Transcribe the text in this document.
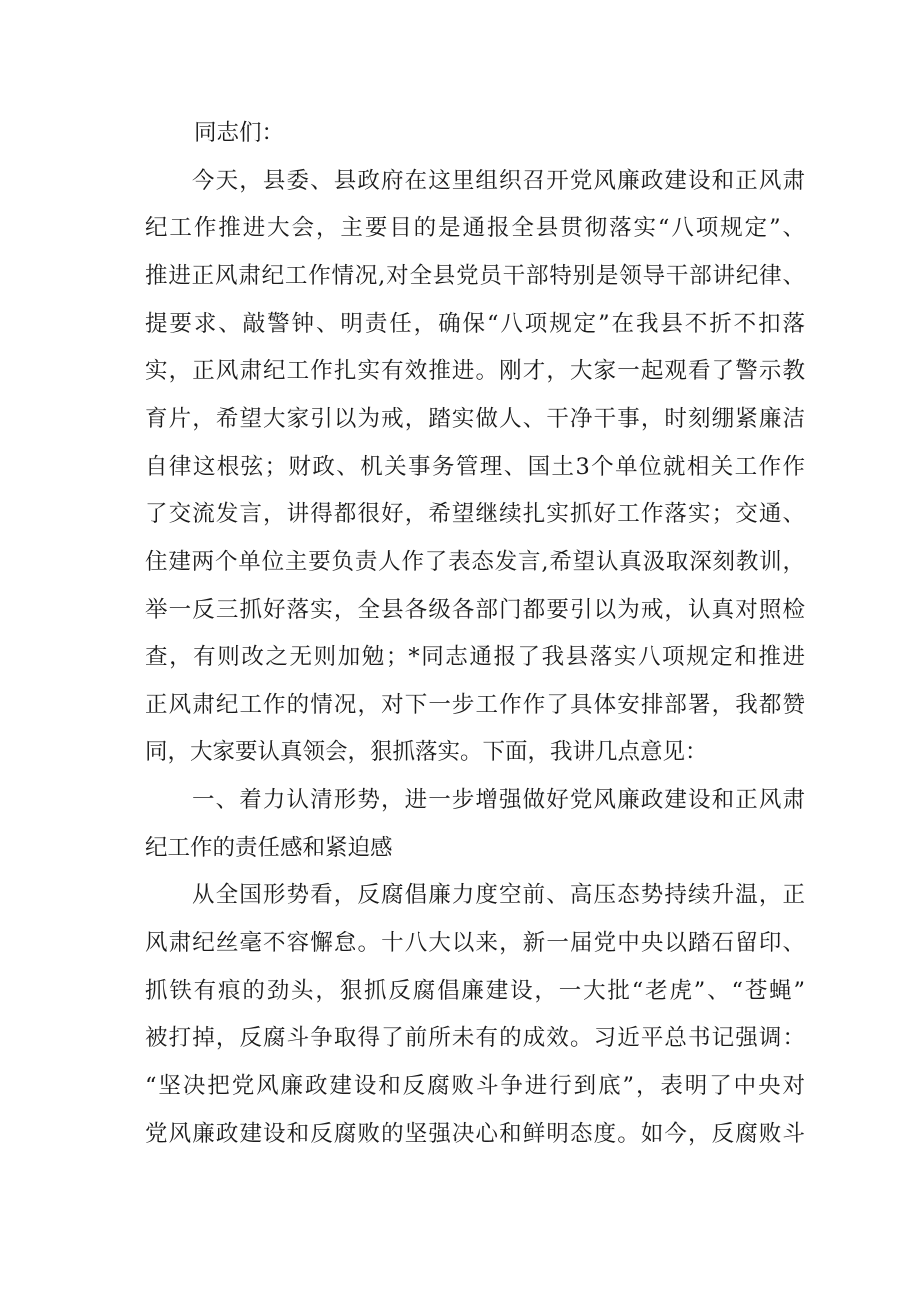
同志们：
今天，县委、县政府在这里组织召开党风廉政建设和正风肃
纪工作推进大会，主要目的是通报全县贯彻落实“八项规定”、
推进正风肃纪工作情况,对全县党员干部特别是领导干部讲纪律、
提要求、敲警钟、明责任，确保“八项规定”在我县不折不扣落
实，正风肃纪工作扎实有效推进。刚才，大家一起观看了警示教
育片，希望大家引以为戒，踏实做人、干净干事，时刻绷紧廉洁
自律这根弦；财政、机关事务管理、国土3个单位就相关工作作
了交流发言，讲得都很好，希望继续扎实抓好工作落实；交通、
住建两个单位主要负责人作了表态发言,希望认真汲取深刻教训，
举一反三抓好落实，全县各级各部门都要引以为戒，认真对照检
查，有则改之无则加勉；*同志通报了我县落实八项规定和推进
正风肃纪工作的情况，对下一步工作作了具体安排部署，我都赞
同，大家要认真领会，狠抓落实。下面，我讲几点意见：
一、着力认清形势，进一步增强做好党风廉政建设和正风肃
纪工作的责任感和紧迫感
从全国形势看，反腐倡廉力度空前、高压态势持续升温，正
风肃纪丝毫不容懈怠。十八大以来，新一届党中央以踏石留印、
抓铁有痕的劲头，狠抓反腐倡廉建设，一大批“老虎”、“苍蝇”
被打掉，反腐斗争取得了前所未有的成效。习近平总书记强调：
“坚决把党风廉政建设和反腐败斗争进行到底”，表明了中央对
党风廉政建设和反腐败的坚强决心和鲜明态度。如今，反腐败斗
